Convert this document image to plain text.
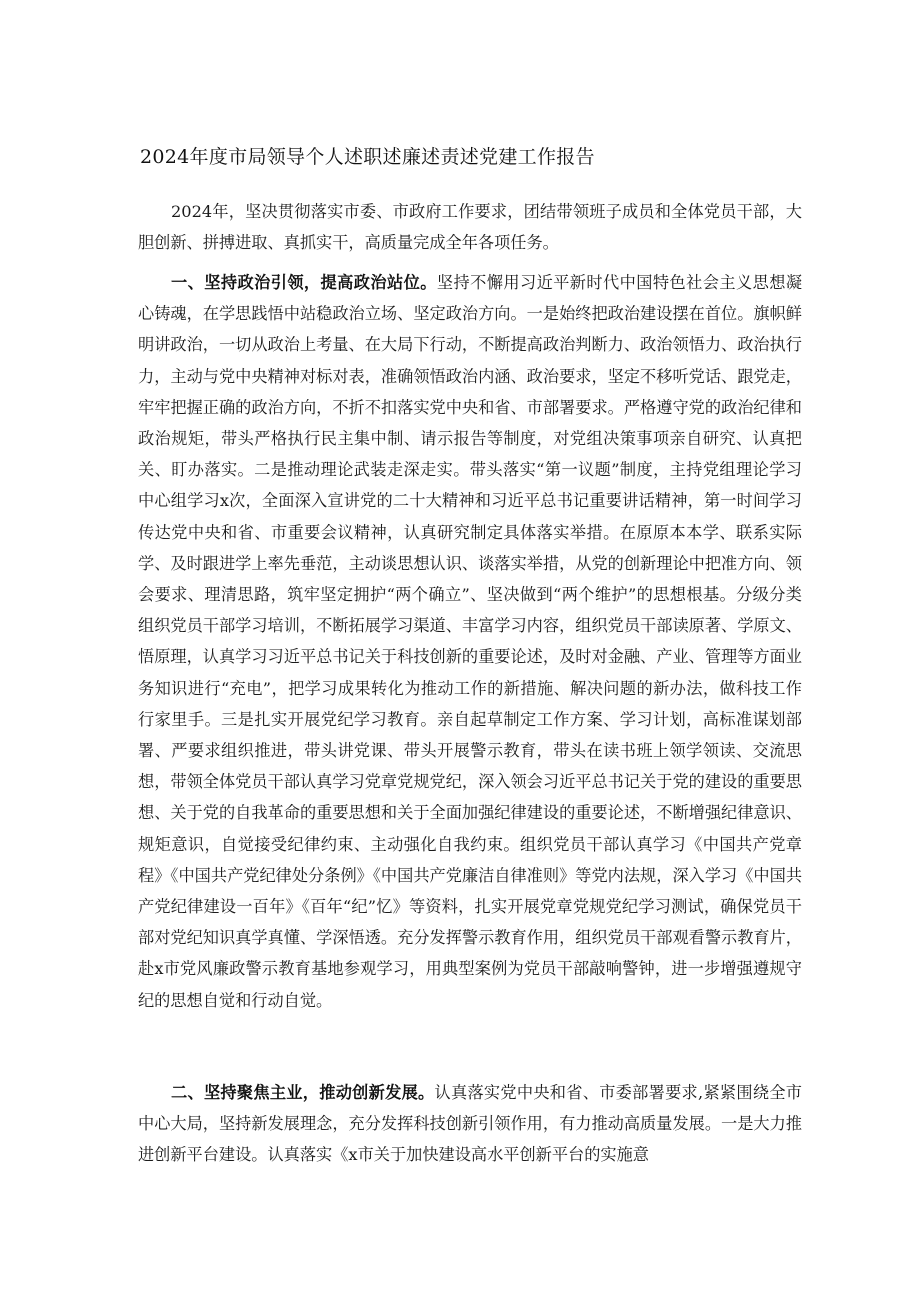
2024年度市局领导个人述职述廉述责述党建工作报告

2024年，坚决贯彻落实市委、市政府工作要求，团结带领班子成员和全体党员干部，大胆创新、拼搏进取、真抓实干，高质量完成全年各项任务。

一、坚持政治引领，提高政治站位。坚持不懈用习近平新时代中国特色社会主义思想凝心铸魂，在学思践悟中站稳政治立场、坚定政治方向。一是始终把政治建设摆在首位。旗帜鲜明讲政治，一切从政治上考量、在大局下行动，不断提高政治判断力、政治领悟力、政治执行力，主动与党中央精神对标对表，准确领悟政治内涵、政治要求，坚定不移听党话、跟党走，牢牢把握正确的政治方向，不折不扣落实党中央和省、市部署要求。严格遵守党的政治纪律和政治规矩，带头严格执行民主集中制、请示报告等制度，对党组决策事项亲自研究、认真把关、盯办落实。二是推动理论武装走深走实。带头落实“第一议题”制度，主持党组理论学习中心组学习x次，全面深入宣讲党的二十大精神和习近平总书记重要讲话精神，第一时间学习传达党中央和省、市重要会议精神，认真研究制定具体落实举措。在原原本本学、联系实际学、及时跟进学上率先垂范，主动谈思想认识、谈落实举措，从党的创新理论中把准方向、领会要求、理清思路，筑牢坚定拥护“两个确立”、坚决做到“两个维护”的思想根基。分级分类组织党员干部学习培训，不断拓展学习渠道、丰富学习内容，组织党员干部读原著、学原文、悟原理，认真学习习近平总书记关于科技创新的重要论述，及时对金融、产业、管理等方面业务知识进行“充电”，把学习成果转化为推动工作的新措施、解决问题的新办法，做科技工作行家里手。三是扎实开展党纪学习教育。亲自起草制定工作方案、学习计划，高标准谋划部署、严要求组织推进，带头讲党课、带头开展警示教育，带头在读书班上领学领读、交流思想，带领全体党员干部认真学习党章党规党纪，深入领会习近平总书记关于党的建设的重要思想、关于党的自我革命的重要思想和关于全面加强纪律建设的重要论述，不断增强纪律意识、规矩意识，自觉接受纪律约束、主动强化自我约束。组织党员干部认真学习《中国共产党章程》《中国共产党纪律处分条例》《中国共产党廉洁自律准则》等党内法规，深入学习《中国共产党纪律建设一百年》《百年“纪”忆》等资料，扎实开展党章党规党纪学习测试，确保党员干部对党纪知识真学真懂、学深悟透。充分发挥警示教育作用，组织党员干部观看警示教育片，赴x市党风廉政警示教育基地参观学习，用典型案例为党员干部敲响警钟，进一步增强遵规守纪的思想自觉和行动自觉。

二、坚持聚焦主业，推动创新发展。认真落实党中央和省、市委部署要求,紧紧围绕全市中心大局，坚持新发展理念，充分发挥科技创新引领作用，有力推动高质量发展。一是大力推进创新平台建设。认真落实《x市关于加快建设高水平创新平台的实施意
